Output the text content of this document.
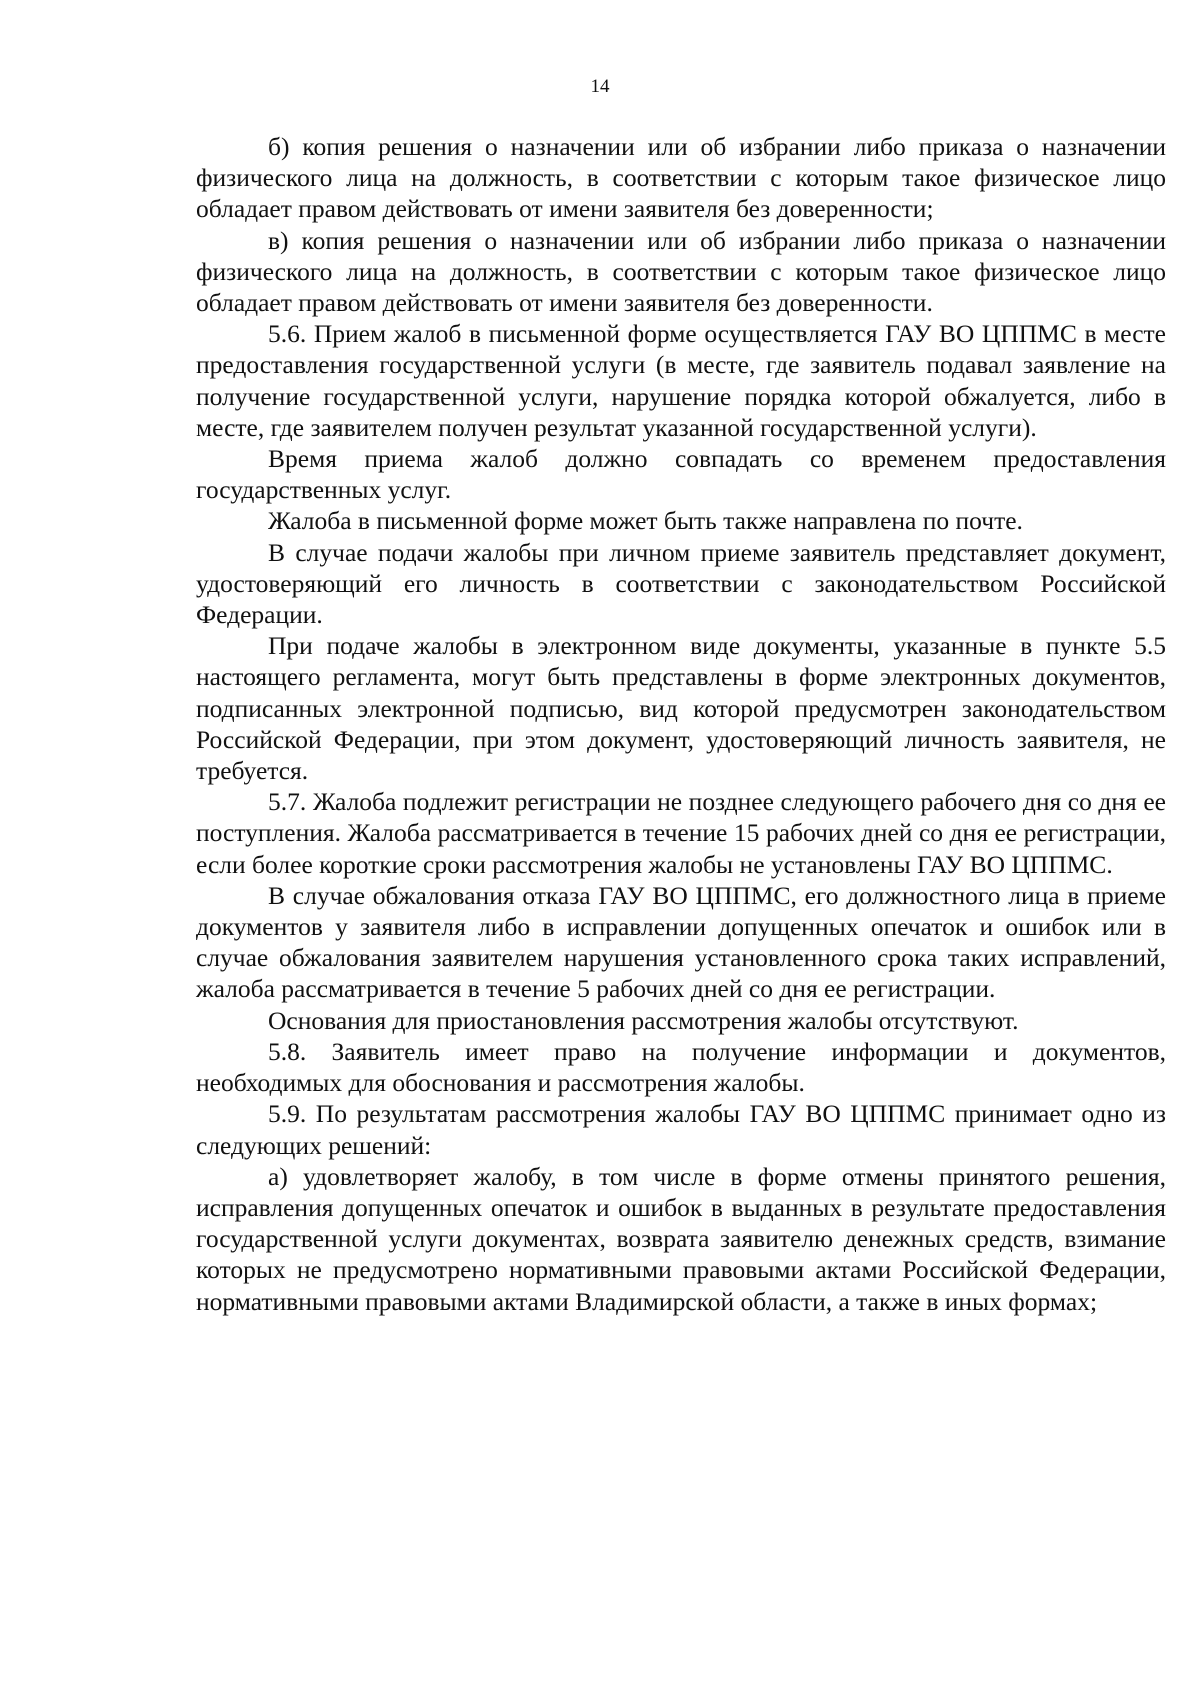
14

б) копия решения о назначении или об избрании либо приказа о назначении физического лица на должность, в соответствии с которым такое физическое лицо обладает правом действовать от имени заявителя без доверенности;

в) копия решения о назначении или об избрании либо приказа о назначении физического лица на должность, в соответствии с которым такое физическое лицо обладает правом действовать от имени заявителя без доверенности.

5.6. Прием жалоб в письменной форме осуществляется ГАУ ВО ЦППМС в месте предоставления государственной услуги (в месте, где заявитель подавал заявление на получение государственной услуги, нарушение порядка которой обжалуется, либо в месте, где заявителем получен результат указанной государственной услуги).

Время приема жалоб должно совпадать со временем предоставления государственных услуг.

Жалоба в письменной форме может быть также направлена по почте.

В случае подачи жалобы при личном приеме заявитель представляет документ, удостоверяющий его личность в соответствии с законодательством Российской Федерации.

При подаче жалобы в электронном виде документы, указанные в пункте 5.5 настоящего регламента, могут быть представлены в форме электронных документов, подписанных электронной подписью, вид которой предусмотрен законодательством Российской Федерации, при этом документ, удостоверяющий личность заявителя, не требуется.

5.7. Жалоба подлежит регистрации не позднее следующего рабочего дня со дня ее поступления. Жалоба рассматривается в течение 15 рабочих дней со дня ее регистрации, если более короткие сроки рассмотрения жалобы не установлены ГАУ ВО ЦППМС.

В случае обжалования отказа ГАУ ВО ЦППМС, его должностного лица в приеме документов у заявителя либо в исправлении допущенных опечаток и ошибок или в случае обжалования заявителем нарушения установленного срока таких исправлений, жалоба рассматривается в течение 5 рабочих дней со дня ее регистрации.

Основания для приостановления рассмотрения жалобы отсутствуют.

5.8. Заявитель имеет право на получение информации и документов, необходимых для обоснования и рассмотрения жалобы.

5.9. По результатам рассмотрения жалобы ГАУ ВО ЦППМС принимает одно из следующих решений:

а) удовлетворяет жалобу, в том числе в форме отмены принятого решения, исправления допущенных опечаток и ошибок в выданных в результате предоставления государственной услуги документах, возврата заявителю денежных средств, взимание которых не предусмотрено нормативными правовыми актами Российской Федерации, нормативными правовыми актами Владимирской области, а также в иных формах;
